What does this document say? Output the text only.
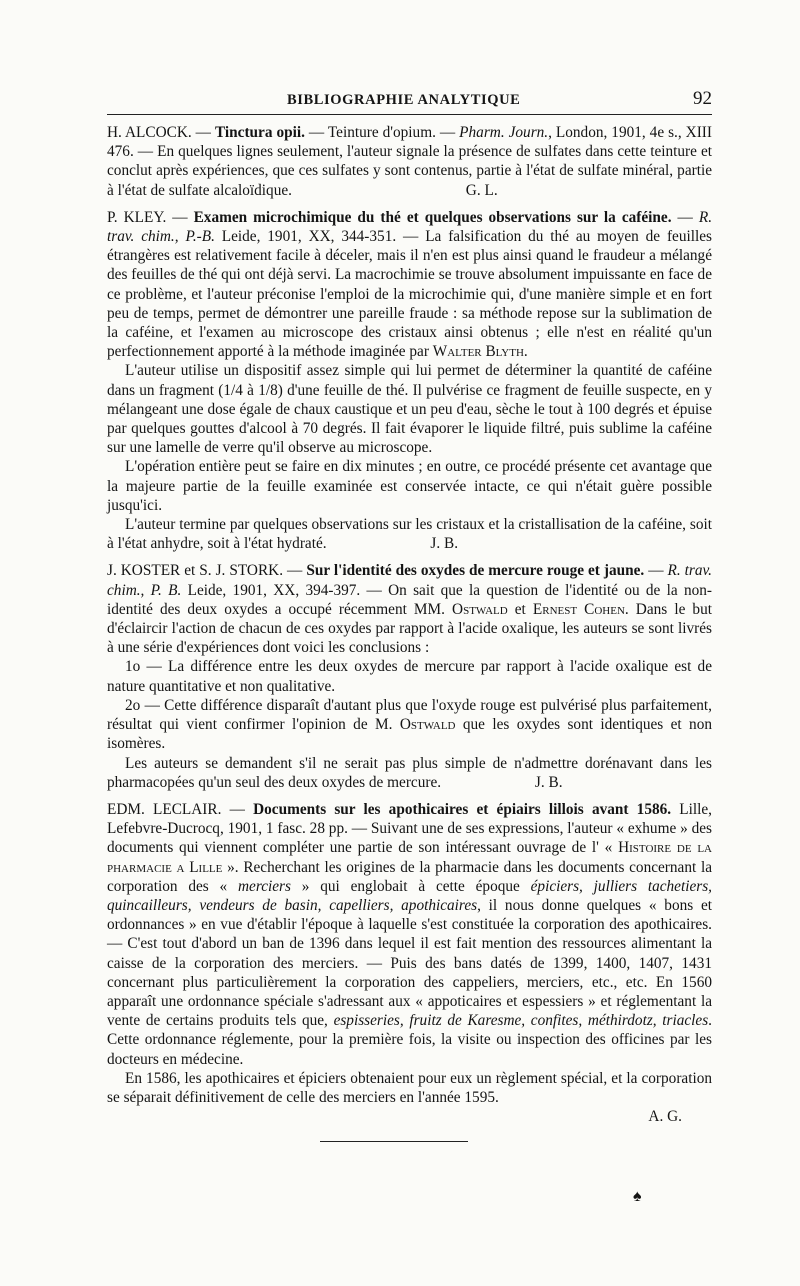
BIBLIOGRAPHIE ANALYTIQUE	92

H. ALCOCK. — Tinctura opii. — Teinture d'opium. — Pharm. Journ., London, 1901, 4e s., XIII 476. — En quelques lignes seulement, l'auteur signale la présence de sulfates dans cette teinture et conclut après expériences, que ces sulfates y sont contenus, partie à l'état de sulfate minéral, partie à l'état de sulfate alcaloïdique.	G. L.

P. KLEY. — Examen microchimique du thé et quelques observations sur la caféine. — R. trav. chim., P.-B. Leide, 1901, XX, 344-351. — La falsification du thé au moyen de feuilles étrangères est relativement facile à déceler, mais il n'en est plus ainsi quand le fraudeur a mélangé des feuilles de thé qui ont déjà servi. La macrochimie se trouve absolument impuissante en face de ce problème, et l'auteur préconise l'emploi de la microchimie qui, d'une manière simple et en fort peu de temps, permet de démontrer une pareille fraude : sa méthode repose sur la sublimation de la caféine, et l'examen au microscope des cristaux ainsi obtenus ; elle n'est en réalité qu'un perfectionnement apporté à la méthode imaginée par Walter Blyth.

L'auteur utilise un dispositif assez simple qui lui permet de déterminer la quantité de caféine dans un fragment (1/4 à 1/8) d'une feuille de thé. Il pulvérise ce fragment de feuille suspecte, en y mélangeant une dose égale de chaux caustique et un peu d'eau, sèche le tout à 100 degrés et épuise par quelques gouttes d'alcool à 70 degrés. Il fait évaporer le liquide filtré, puis sublime la caféine sur une lamelle de verre qu'il observe au microscope.

L'opération entière peut se faire en dix minutes ; en outre, ce procédé présente cet avantage que la majeure partie de la feuille examinée est conservée intacte, ce qui n'était guère possible jusqu'ici.

L'auteur termine par quelques observations sur les cristaux et la cristallisation de la caféine, soit à l'état anhydre, soit à l'état hydraté.	J. B.

J. KOSTER et S. J. STORK. — Sur l'identité des oxydes de mercure rouge et jaune. — R. trav. chim., P. B. Leide, 1901, XX, 394-397. — On sait que la question de l'identité ou de la non-identité des deux oxydes a occupé récemment MM. Ostwald et Ernest Cohen. Dans le but d'éclaircir l'action de chacun de ces oxydes par rapport à l'acide oxalique, les auteurs se sont livrés à une série d'expériences dont voici les conclusions :

1o — La différence entre les deux oxydes de mercure par rapport à l'acide oxalique est de nature quantitative et non qualitative.

2o — Cette différence disparaît d'autant plus que l'oxyde rouge est pulvérisé plus parfaitement, résultat qui vient confirmer l'opinion de M. Ostwald que les oxydes sont identiques et non isomères.

Les auteurs se demandent s'il ne serait pas plus simple de n'admettre dorénavant dans les pharmacopées qu'un seul des deux oxydes de mercure.	J. B.

EDM. LECLAIR. — Documents sur les apothicaires et épiairs lillois avant 1586. Lille, Lefebvre-Ducrocq, 1901, 1 fasc. 28 pp. — Suivant une de ses expressions, l'auteur « exhume » des documents qui viennent compléter une partie de son intéressant ouvrage de l' « Histoire de la pharmacie a Lille ». Recherchant les origines de la pharmacie dans les documents concernant la corporation des « merciers » qui englobait à cette époque épiciers, julliers tachetiers, quincailleurs, vendeurs de basin, capelliers, apothicaires, il nous donne quelques « bons et ordonnances » en vue d'établir l'époque à laquelle s'est constituée la corporation des apothicaires. — C'est tout d'abord un ban de 1396 dans lequel il est fait mention des ressources alimentant la caisse de la corporation des merciers. — Puis des bans datés de 1399, 1400, 1407, 1431 concernant plus particulièrement la corporation des cappeliers, merciers, etc., etc. En 1560 apparaît une ordonnance spéciale s'adressant aux « appoticaires et espessiers » et réglementant la vente de certains produits tels que, espisseries, fruitz de Karesme, confites, méthirdotz, triacles. Cette ordonnance réglemente, pour la première fois, la visite ou inspection des officines par les docteurs en médecine.

En 1586, les apothicaires et épiciers obtenaient pour eux un règlement spécial, et la corporation se séparait définitivement de celle des merciers en l'année 1595.

A. G.

♠
